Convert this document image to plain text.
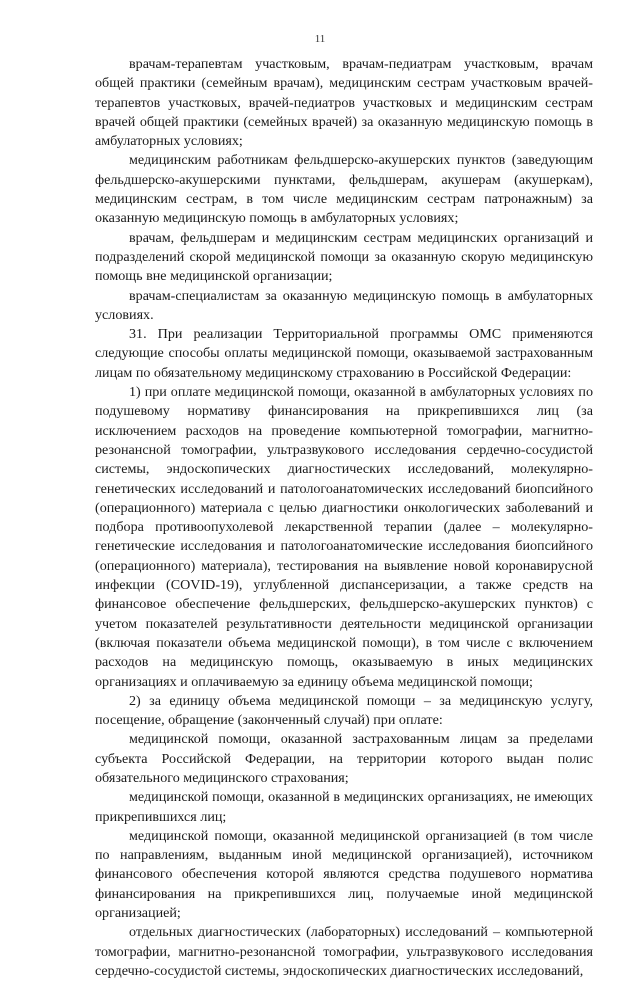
11

врачам-терапевтам участковым, врачам-педиатрам участковым, врачам общей практики (семейным врачам), медицинским сестрам участковым врачей-терапевтов участковых, врачей-педиатров участковых и медицинским сестрам врачей общей практики (семейных врачей) за оказанную медицинскую помощь в амбулаторных условиях;

медицинским работникам фельдшерско-акушерских пунктов (заведующим фельдшерско-акушерскими пунктами, фельдшерам, акушерам (акушеркам), медицинским сестрам, в том числе медицинским сестрам патронажным) за оказанную медицинскую помощь в амбулаторных условиях;

врачам, фельдшерам и медицинским сестрам медицинских организаций и подразделений скорой медицинской помощи за оказанную скорую медицинскую помощь вне медицинской организации;

врачам-специалистам за оказанную медицинскую помощь в амбулаторных условиях.

31. При реализации Территориальной программы ОМС применяются следующие способы оплаты медицинской помощи, оказываемой застрахованным лицам по обязательному медицинскому страхованию в Российской Федерации:

1) при оплате медицинской помощи, оказанной в амбулаторных условиях по подушевому нормативу финансирования на прикрепившихся лиц (за исключением расходов на проведение компьютерной томографии, магнитно-резонансной томографии, ультразвукового исследования сердечно-сосудистой системы, эндоскопических диагностических исследований, молекулярно-генетических исследований и патологоанатомических исследований биопсийного (операционного) материала с целью диагностики онкологических заболеваний и подбора противоопухолевой лекарственной терапии (далее – молекулярно-генетические исследования и патологоанатомические исследования биопсийного (операционного) материала), тестирования на выявление новой коронавирусной инфекции (COVID-19), углубленной диспансеризации, а также средств на финансовое обеспечение фельдшерских, фельдшерско-акушерских пунктов) с учетом показателей результативности деятельности медицинской организации (включая показатели объема медицинской помощи), в том числе с включением расходов на медицинскую помощь, оказываемую в иных медицинских организациях и оплачиваемую за единицу объема медицинской помощи;

2) за единицу объема медицинской помощи – за медицинскую услугу, посещение, обращение (законченный случай) при оплате:

медицинской помощи, оказанной застрахованным лицам за пределами субъекта Российской Федерации, на территории которого выдан полис обязательного медицинского страхования;

медицинской помощи, оказанной в медицинских организациях, не имеющих прикрепившихся лиц;

медицинской помощи, оказанной медицинской организацией (в том числе по направлениям, выданным иной медицинской организацией), источником финансового обеспечения которой являются средства подушевого норматива финансирования на прикрепившихся лиц, получаемые иной медицинской организацией;

отдельных диагностических (лабораторных) исследований – компьютерной томографии, магнитно-резонансной томографии, ультразвукового исследования сердечно-сосудистой системы, эндоскопических диагностических исследований,
